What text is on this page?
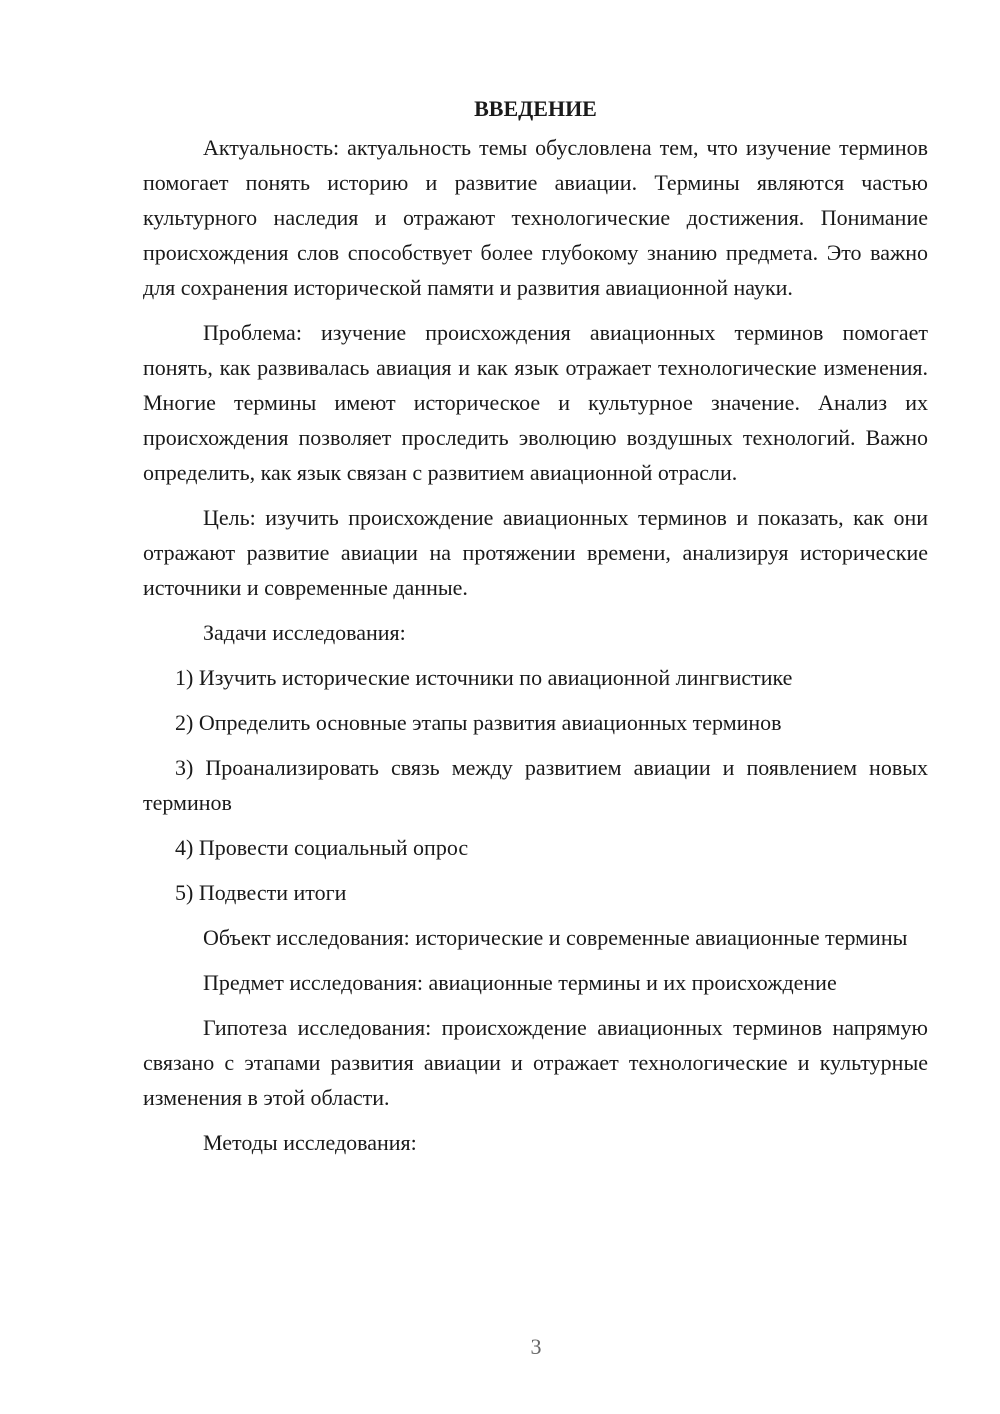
ВВЕДЕНИЕ

Актуальность: актуальность темы обусловлена тем, что изучение терминов помогает понять историю и развитие авиации. Термины являются частью культурного наследия и отражают технологические достижения. Понимание происхождения слов способствует более глубокому знанию предмета. Это важно для сохранения исторической памяти и развития авиационной науки.

Проблема: изучение происхождения авиационных терминов помогает понять, как развивалась авиация и как язык отражает технологические изменения. Многие термины имеют историческое и культурное значение. Анализ их происхождения позволяет проследить эволюцию воздушных технологий. Важно определить, как язык связан с развитием авиационной отрасли.

Цель: изучить происхождение авиационных терминов и показать, как они отражают развитие авиации на протяжении времени, анализируя исторические источники и современные данные.

Задачи исследования:

1) Изучить исторические источники по авиационной лингвистике

2) Определить основные этапы развития авиационных терминов

3) Проанализировать связь между развитием авиации и появлением новых терминов

4) Провести социальный опрос

5) Подвести итоги

Объект исследования: исторические и современные авиационные термины

Предмет исследования: авиационные термины и их происхождение

Гипотеза исследования: происхождение авиационных терминов напрямую связано с этапами развития авиации и отражает технологические и культурные изменения в этой области.

Методы исследования:

3
